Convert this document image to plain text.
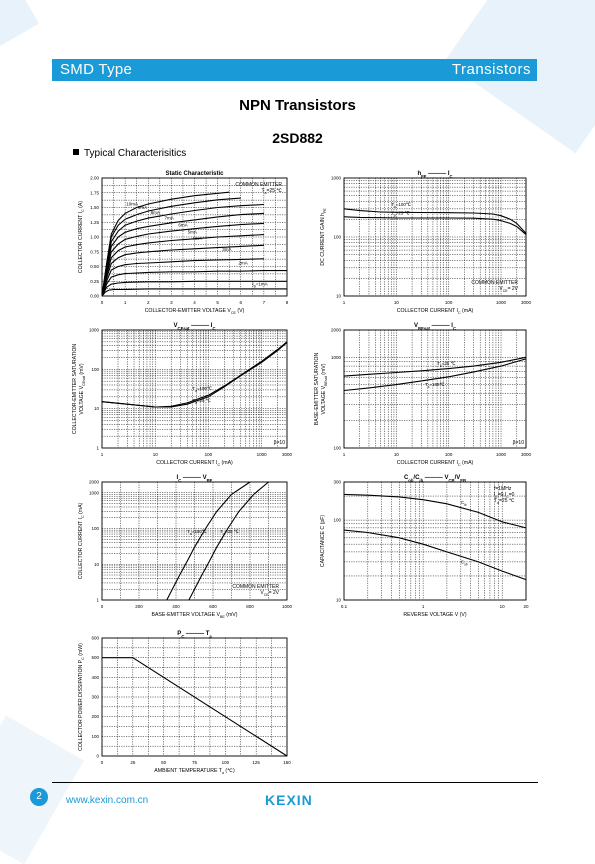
SMD Type	Transistors
NPN Transistors
2SD882
Typical Characterisitics
0	1	2	3	4	5	6	7	8
0.00
0.25
0.50
0.75
1.00
1.25
1.50
1.75
2.00
COLLECTOR-EMITTER VOLTAGE $V_{CE}$ (V)
COLLECTOR CURRENT $I_C$ (A)
Static Characteristic
10mA
9mA
8mA
7mA
6mA
5mA
4mA
3mA
2mA
$I_B=1mA$
COMMON EMITTER
$T_a=25$ ℃
1	10	100	1000	3000
10
100
1000
COLLECTOR CURRENT $I_C$ (mA)
DC CURRENT GAIN $h_{FE}$
$h_{FE}$ ——— $I_C$
$T_a=100℃$
$T_a=25$ ℃
COMMON EMITTER
$V_{CE}= 2V$
1	10	100	1000	3000
1
10
100
1000
COLLECTOR CURRENT $I_C$ (mA)
COLLECTOR-EMITTER SATURATION VOLTAGE $V_{CEsat}$ (mV)
$V_{CEsat}$ ——— $I_C$
$T_a=100℃$
$T_a=25$ ℃
β=10
1	10	100	1000	3000
100
1000
2000
COLLECTOR CURRENT $I_C$ (mA)
BASE-EMITTER SATURATION VOLTAGE $V_{BEsat}$ (mV)
$V_{BEsat}$ ——— $I_C$
$T_a=25$ ℃
$T_a=100℃$
β=10
0	200	400	600	800	1000
1
10
100
1000
2000
BASE-EMITTER VOLTAGE $V_{BE}$ (mV)
COLLECTOR CURRENT $I_C$ (mA)
$I_C$ ——— $V_{BE}$
$T_a=100℃$	$T_a=25$ ℃
COMMON EMITTER
$V_{CE}= 2V$
0.1	1	10	20
10
100
300
REVERSE VOLTAGE V (V)
CAPACITANCE C (pF)
$C_{ob}/C_{ib}$ ——— $V_{CB}/V_{EB}$
$C_{ib}$
$C_{ob}$
f=1MHz
$I_E=0,I_C=0$
$T_a=25$ ℃
0	25	50	75	100	125	150
0
100
200
300
400
500
600
AMBIENT TEMPERATURE $T_a$ (℃)
COLLECTOR POWER DISSIPATION $P_C$ (mW)
$P_C$ ——— $T_a$
2	www.kexin.com.cn	KEXIN
